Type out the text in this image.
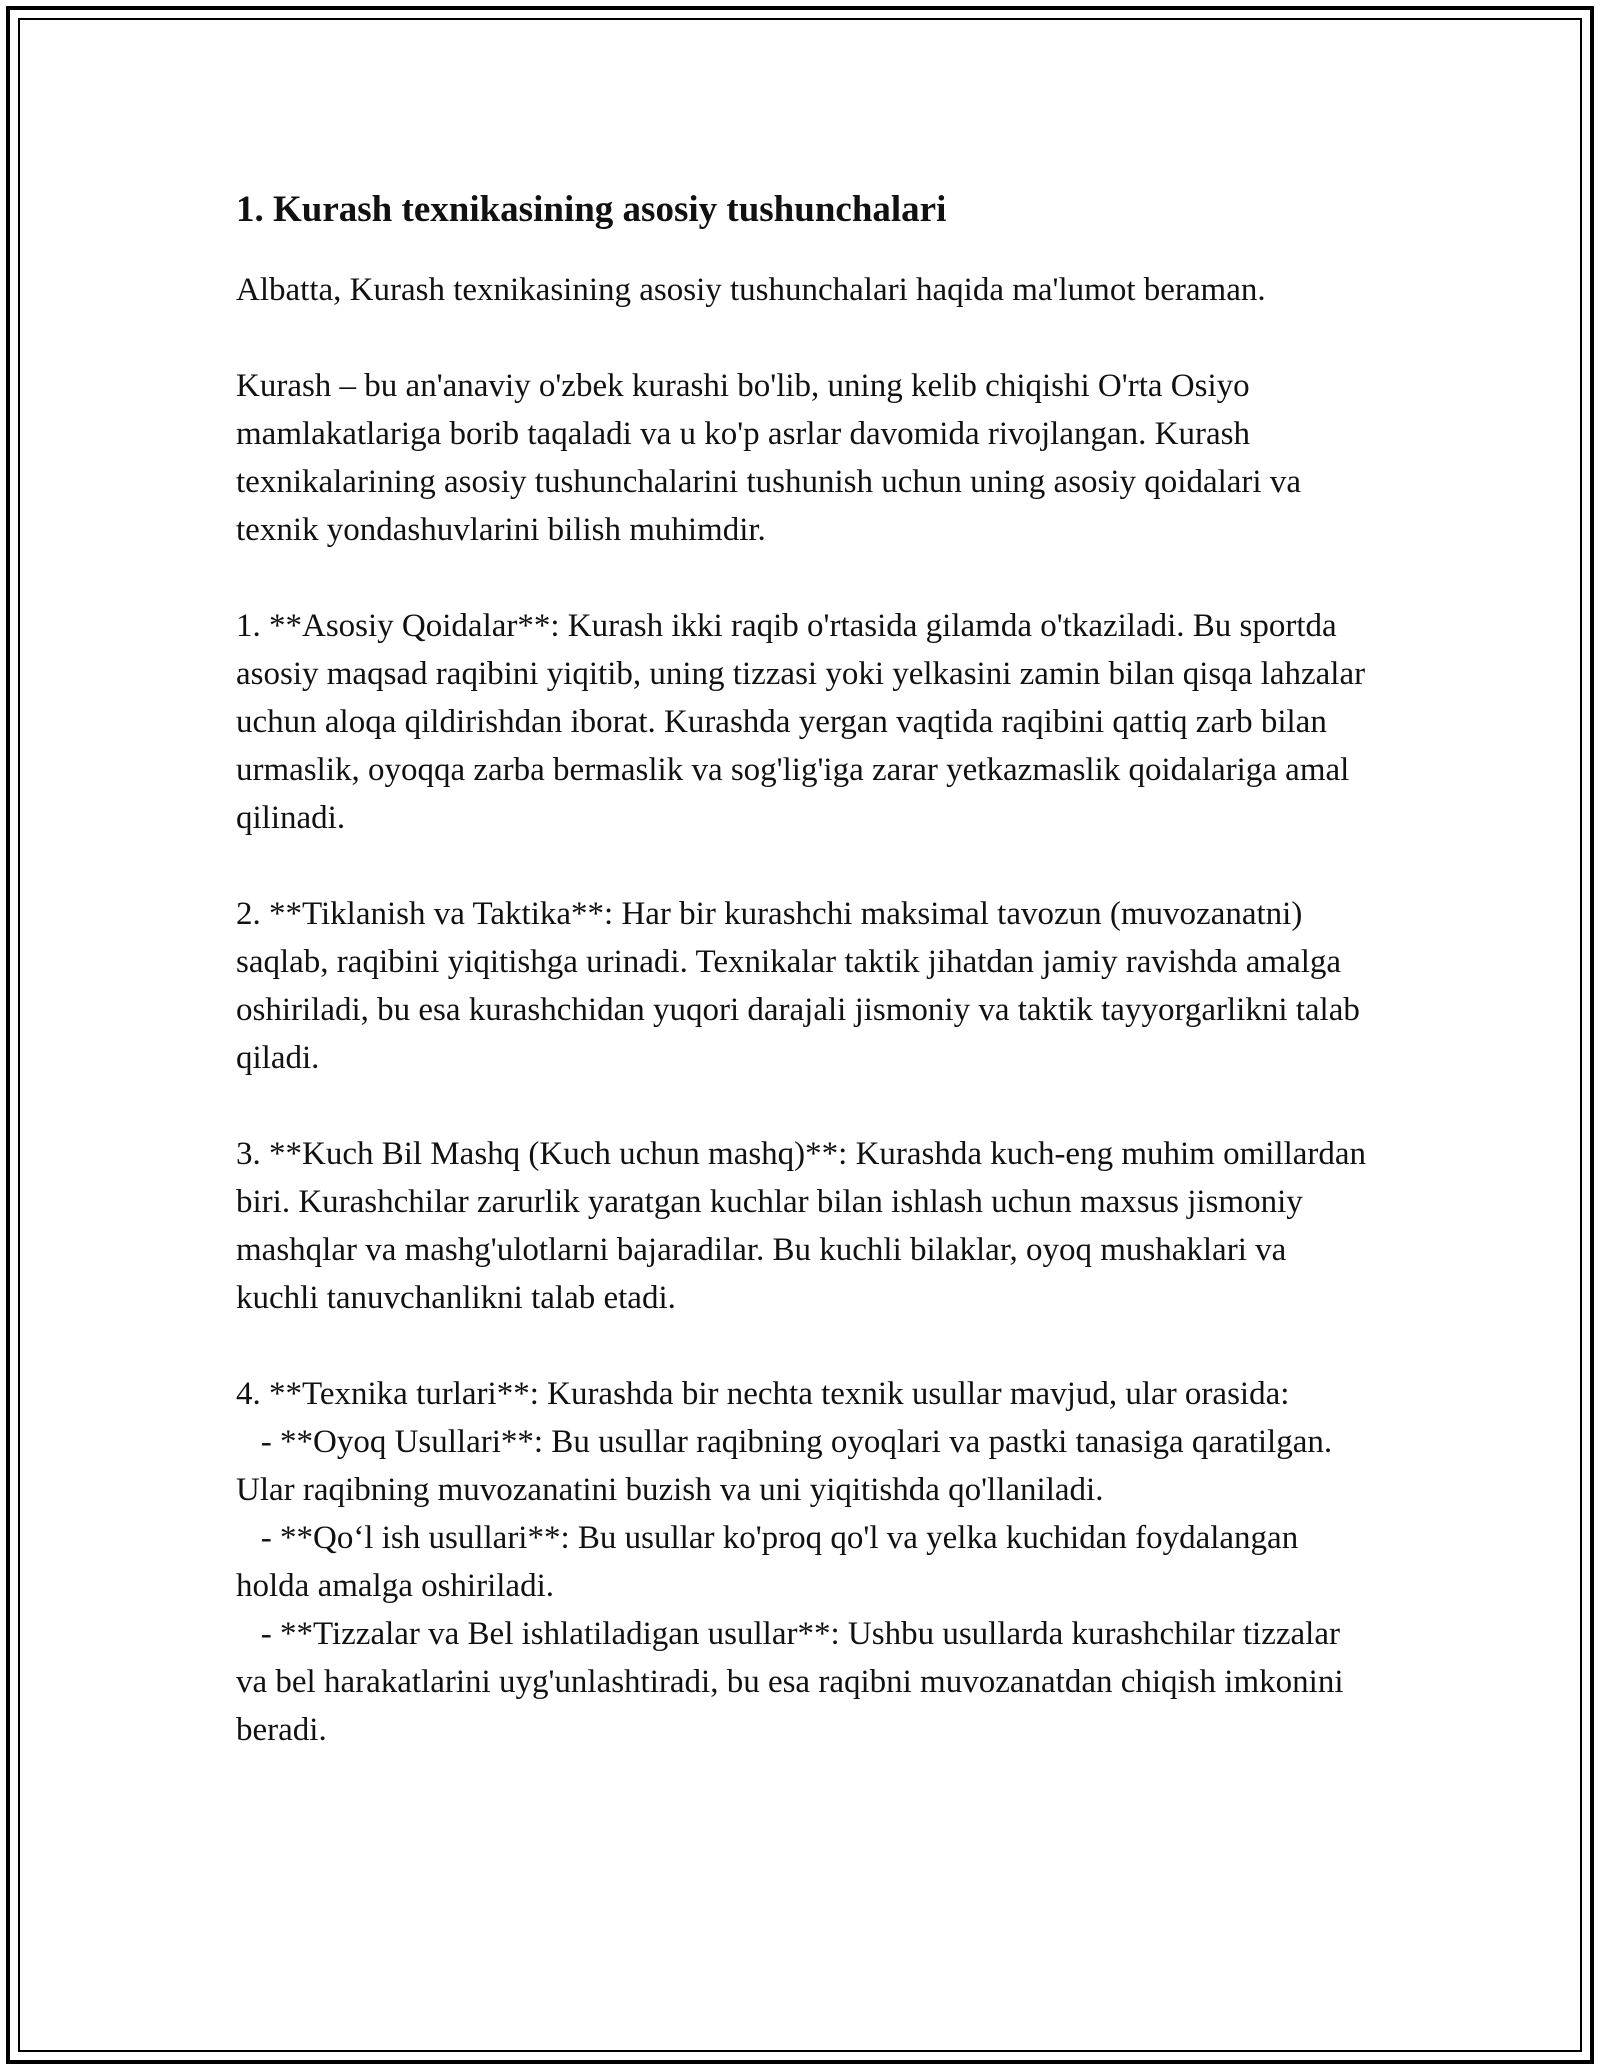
1. Kurash texnikasining asosiy tushunchalari

Albatta, Kurash texnikasining asosiy tushunchalari haqida ma'lumot beraman.

Kurash – bu an'anaviy o'zbek kurashi bo'lib, uning kelib chiqishi O'rta Osiyo mamlakatlariga borib taqaladi va u ko'p asrlar davomida rivojlangan. Kurash texnikalarining asosiy tushunchalarini tushunish uchun uning asosiy qoidalari va texnik yondashuvlarini bilish muhimdir.

1. **Asosiy Qoidalar**: Kurash ikki raqib o'rtasida gilamda o'tkaziladi. Bu sportda asosiy maqsad raqibini yiqitib, uning tizzasi yoki yelkasini zamin bilan qisqa lahzalar uchun aloqa qildirishdan iborat. Kurashda yergan vaqtida raqibini qattiq zarb bilan urmaslik, oyoqqa zarba bermaslik va sog'lig'iga zarar yetkazmaslik qoidalariga amal qilinadi.

2. **Tiklanish va Taktika**: Har bir kurashchi maksimal tavozun (muvozanatni) saqlab, raqibini yiqitishga urinadi. Texnikalar taktik jihatdan jamiy ravishda amalga oshiriladi, bu esa kurashchidan yuqori darajali jismoniy va taktik tayyorgarlikni talab qiladi.

3. **Kuch Bil Mashq (Kuch uchun mashq)**: Kurashda kuch-eng muhim omillardan biri. Kurashchilar zarurlik yaratgan kuchlar bilan ishlash uchun maxsus jismoniy mashqlar va mashg'ulotlarni bajaradilar. Bu kuchli bilaklar, oyoq mushaklari va kuchli tanuvchanlikni talab etadi.

4. **Texnika turlari**: Kurashda bir nechta texnik usullar mavjud, ular orasida:

- **Oyoq Usullari**: Bu usullar raqibning oyoqlari va pastki tanasiga qaratilgan. Ular raqibning muvozanatini buzish va uni yiqitishda qo'llaniladi.

- **Qo‘l ish usullari**: Bu usullar ko'proq qo'l va yelka kuchidan foydalangan holda amalga oshiriladi.

- **Tizzalar va Bel ishlatiladigan usullar**: Ushbu usullarda kurashchilar tizzalar va bel harakatlarini uyg'unlashtiradi, bu esa raqibni muvozanatdan chiqish imkonini beradi.
